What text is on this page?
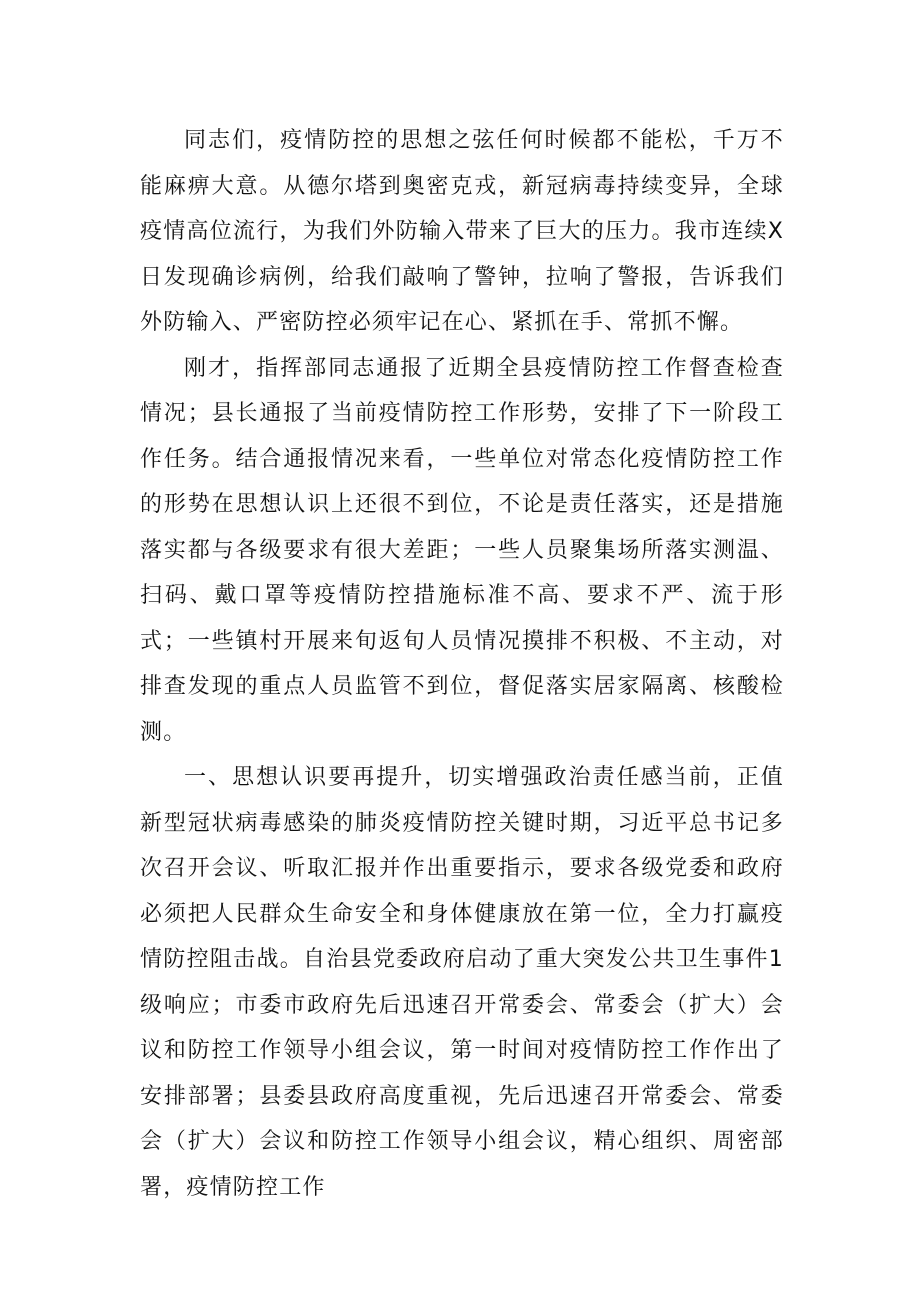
同志们，疫情防控的思想之弦任何时候都不能松，千万不能麻痹大意。从德尔塔到奥密克戎，新冠病毒持续变异，全球疫情高位流行，为我们外防输入带来了巨大的压力。我市连续X日发现确诊病例，给我们敲响了警钟，拉响了警报，告诉我们外防输入、严密防控必须牢记在心、紧抓在手、常抓不懈。

刚才，指挥部同志通报了近期全县疫情防控工作督查检查情况；县长通报了当前疫情防控工作形势，安排了下一阶段工作任务。结合通报情况来看，一些单位对常态化疫情防控工作的形势在思想认识上还很不到位，不论是责任落实，还是措施落实都与各级要求有很大差距；一些人员聚集场所落实测温、扫码、戴口罩等疫情防控措施标准不高、要求不严、流于形式；一些镇村开展来旬返旬人员情况摸排不积极、不主动，对排查发现的重点人员监管不到位，督促落实居家隔离、核酸检测。

一、思想认识要再提升，切实增强政治责任感当前，正值新型冠状病毒感染的肺炎疫情防控关键时期，习近平总书记多次召开会议、听取汇报并作出重要指示，要求各级党委和政府必须把人民群众生命安全和身体健康放在第一位，全力打赢疫情防控阻击战。自治县党委政府启动了重大突发公共卫生事件1级响应；市委市政府先后迅速召开常委会、常委会（扩大）会议和防控工作领导小组会议，第一时间对疫情防控工作作出了安排部署；县委县政府高度重视，先后迅速召开常委会、常委会（扩大）会议和防控工作领导小组会议，精心组织、周密部署，疫情防控工作
